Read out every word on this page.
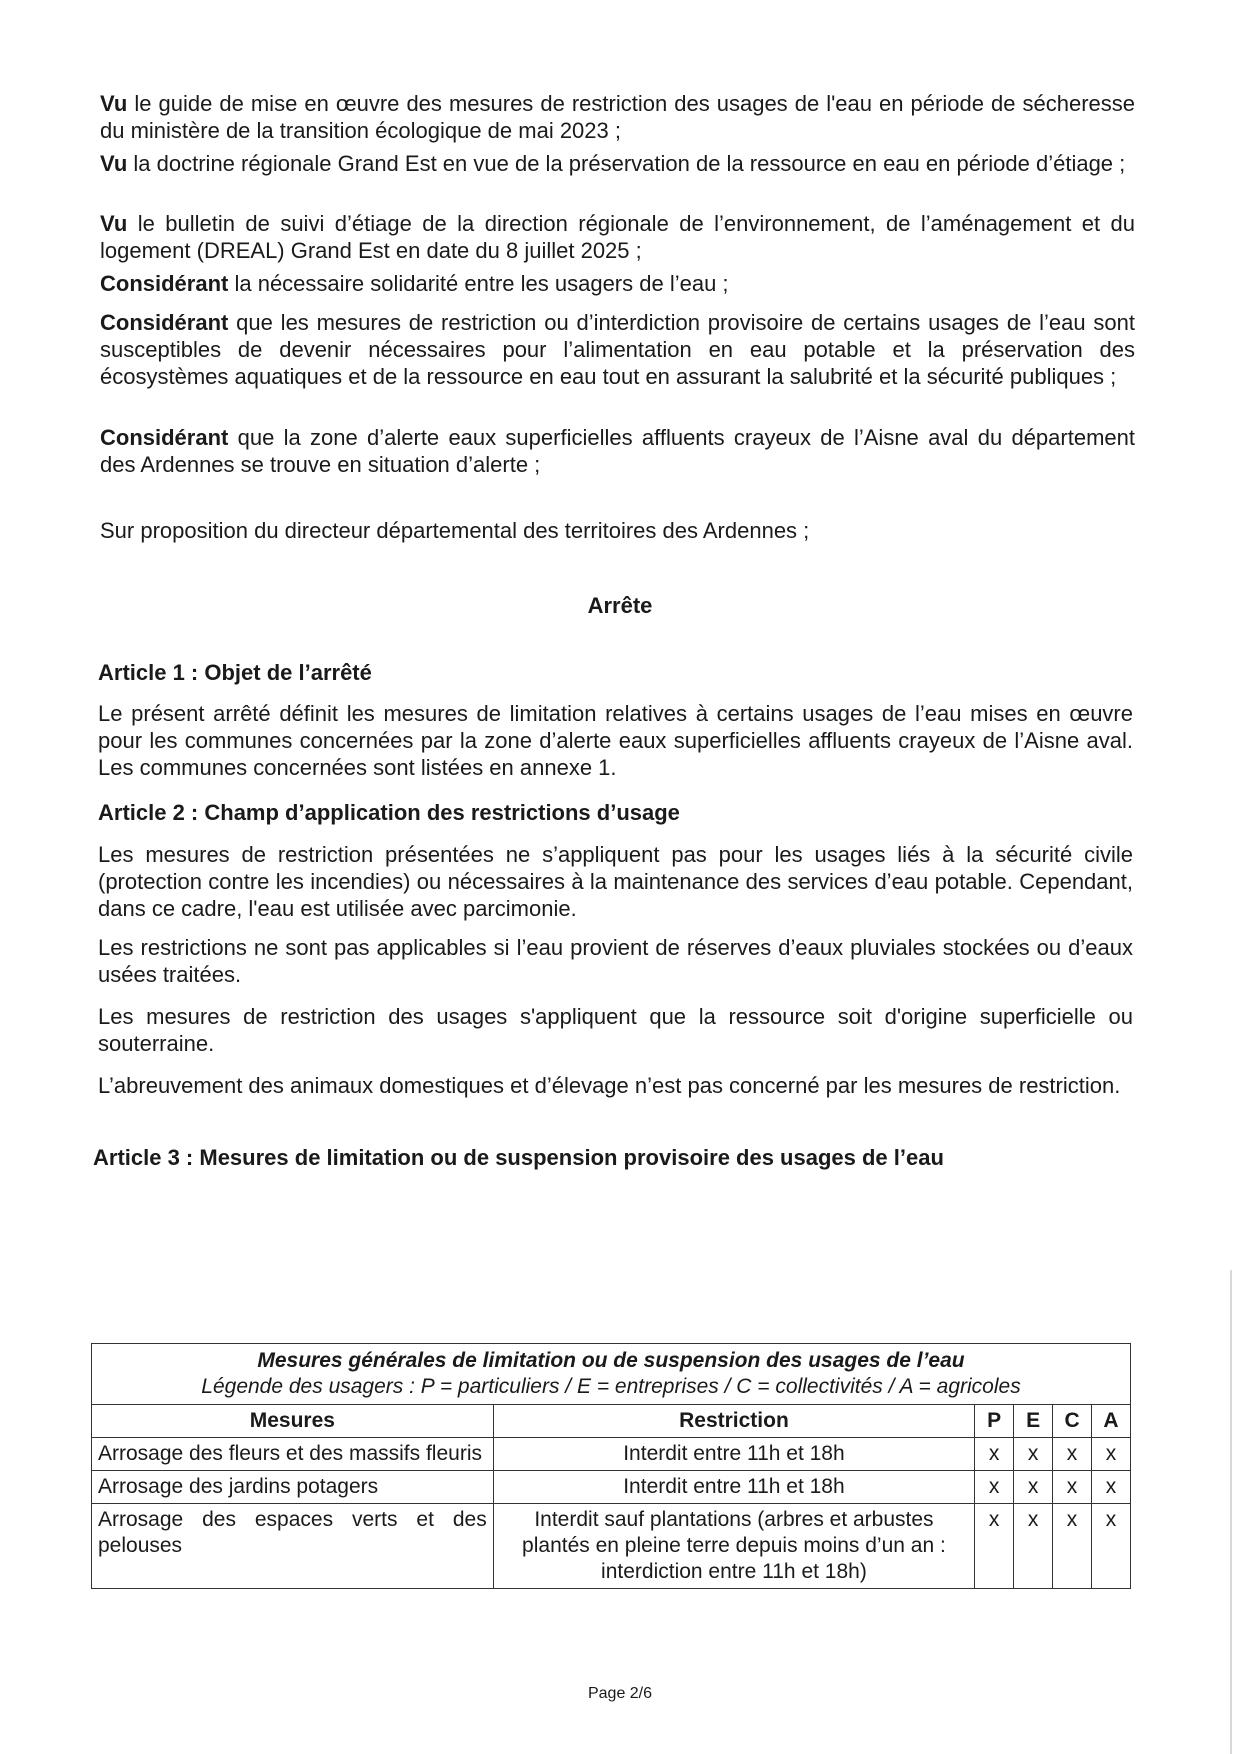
Vu le guide de mise en œuvre des mesures de restriction des usages de l'eau en période de sécheresse du ministère de la transition écologique de mai 2023 ;

Vu la doctrine régionale Grand Est en vue de la préservation de la ressource en eau en période d’étiage ;

Vu le bulletin de suivi d’étiage de la direction régionale de l’environnement, de l’aménagement et du logement (DREAL) Grand Est en date du 8 juillet 2025 ;

Considérant la nécessaire solidarité entre les usagers de l’eau ;

Considérant que les mesures de restriction ou d’interdiction provisoire de certains usages de l’eau sont susceptibles de devenir nécessaires pour l’alimentation en eau potable et la préservation des écosystèmes aquatiques et de la ressource en eau tout en assurant la salubrité et la sécurité publiques ;

Considérant que la zone d’alerte eaux superficielles affluents crayeux de l’Aisne aval du département des Ardennes se trouve en situation d’alerte ;

Sur proposition du directeur départemental des territoires des Ardennes ;
Arrête
Article 1 : Objet de l’arrêté
Le présent arrêté définit les mesures de limitation relatives à certains usages de l’eau mises en œuvre pour les communes concernées par la zone d’alerte eaux superficielles affluents crayeux de l’Aisne aval. Les communes concernées sont listées en annexe 1.
Article 2 : Champ d’application des restrictions d’usage
Les mesures de restriction présentées ne s’appliquent pas pour les usages liés à la sécurité civile (protection contre les incendies) ou nécessaires à la maintenance des services d’eau potable. Cependant, dans ce cadre, l'eau est utilisée avec parcimonie.
Les restrictions ne sont pas applicables si l’eau provient de réserves d’eaux pluviales stockées ou d’eaux usées traitées.
Les mesures de restriction des usages s'appliquent que la ressource soit d'origine superficielle ou souterraine.
L’abreuvement des animaux domestiques et d’élevage n’est pas concerné par les mesures de restriction.
Article 3 : Mesures de limitation ou de suspension provisoire des usages de l’eau
Mesures générales de limitation ou de suspension des usages de l’eau
Légende des usagers : P = particuliers / E = entreprises / C = collectivités / A = agricoles					

Mesures	Restriction	P	E	C	A
Arrosage des fleurs et des massifs fleuris	Interdit entre 11h et 18h	x	x	x	x
Arrosage des jardins potagers	Interdit entre 11h et 18h	x	x	x	x
Arrosage des espaces verts et des pelouses	Interdit sauf plantations (arbres et arbustes plantés en pleine terre depuis moins d’un an : interdiction entre 11h et 18h)	x	x	x	x
Page 2/6
